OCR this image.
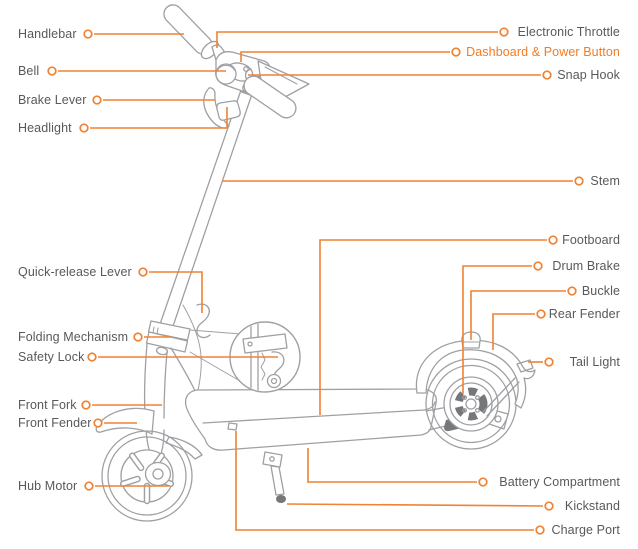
Handlebar
Bell
Brake Lever
Headlight
Quick-release Lever
Folding Mechanism
Safety Lock
Front Fork
Front Fender
Hub Motor
Electronic Throttle
Dashboard & Power Button
Snap Hook
Stem
Footboard
Drum Brake
Buckle
Rear Fender
Tail Light
Battery Compartment
Kickstand
Charge Port
